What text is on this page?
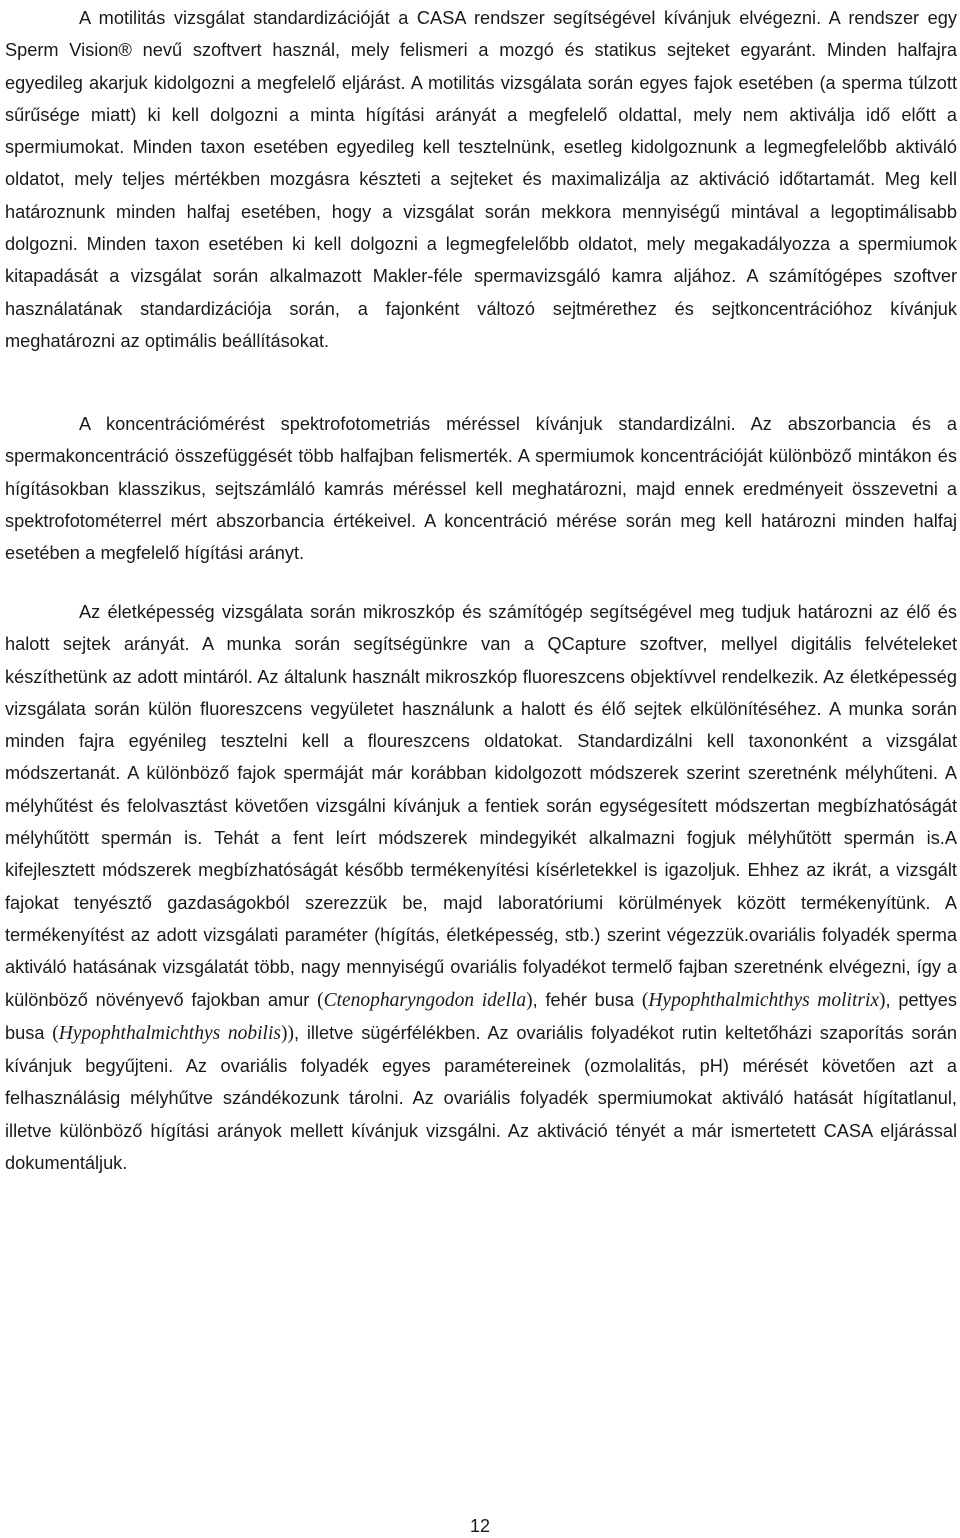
A motilitás vizsgálat standardizációját a CASA rendszer segítségével kívánjuk elvégezni. A rendszer egy Sperm Vision® nevű szoftvert használ, mely felismeri a mozgó és statikus sejteket egyaránt. Minden halfajra egyedileg akarjuk kidolgozni a megfelelő eljárást. A motilitás vizsgálata során egyes fajok esetében (a sperma túlzott sűrűsége miatt) ki kell dolgozni a minta hígítási arányát a megfelelő oldattal, mely nem aktiválja idő előtt a spermiumokat. Minden taxon esetében egyedileg kell tesztelnünk, esetleg kidolgoznunk a legmegfelelőbb aktiváló oldatot, mely teljes mértékben mozgásra készteti a sejteket és maximalizálja az aktiváció időtartamát. Meg kell határoznunk minden halfaj esetében, hogy a vizsgálat során mekkora mennyiségű mintával a legoptimálisabb dolgozni. Minden taxon esetében ki kell dolgozni a legmegfelelőbb oldatot, mely megakadályozza a spermiumok kitapadását a vizsgálat során alkalmazott Makler-féle spermavizsgáló kamra aljához. A számítógépes szoftver használatának standardizációja során, a fajonként változó sejtmérethez és sejtkoncentrációhoz kívánjuk meghatározni az optimális beállításokat.

A koncentrációmérést spektrofotometriás méréssel kívánjuk standardizálni. Az abszorbancia és a spermakoncentráció összefüggését több halfajban felismerték. A spermiumok koncentrációját különböző mintákon és hígításokban klasszikus, sejtszámláló kamrás méréssel kell meghatározni, majd ennek eredményeit összevetni a spektrofotométerrel mért abszorbancia értékeivel. A koncentráció mérése során meg kell határozni minden halfaj esetében a megfelelő hígítási arányt.

Az életképesség vizsgálata során mikroszkóp és számítógép segítségével meg tudjuk határozni az élő és halott sejtek arányát. A munka során segítségünkre van a QCapture szoftver, mellyel digitális felvételeket készíthetünk az adott mintáról. Az általunk használt mikroszkóp fluoreszcens objektívvel rendelkezik. Az életképesség vizsgálata során külön fluoreszcens vegyületet használunk a halott és élő sejtek elkülönítéséhez. A munka során minden fajra egyénileg tesztelni kell a floureszcens oldatokat. Standardizálni kell taxononként a vizsgálat módszertanát. A különböző fajok spermáját már korábban kidolgozott módszerek szerint szeretnénk mélyhűteni. A mélyhűtést és felolvasztást követően vizsgálni kívánjuk a fentiek során egységesített módszertan megbízhatóságát mélyhűtött spermán is. Tehát a fent leírt módszerek mindegyikét alkalmazni fogjuk mélyhűtött spermán is.A kifejlesztett módszerek megbízhatóságát később termékenyítési kísérletekkel is igazoljuk. Ehhez az ikrát, a vizsgált fajokat tenyésztő gazdaságokból szerezzük be, majd laboratóriumi körülmények között termékenyítünk. A termékenyítést az adott vizsgálati paraméter (hígítás, életképesség, stb.) szerint végezzük.ovariális folyadék sperma aktiváló hatásának vizsgálatát több, nagy mennyiségű ovariális folyadékot termelő fajban szeretnénk elvégezni, így a különböző növényevő fajokban amur (Ctenopharyngodon idella), fehér busa (Hypophthalmichthys molitrix), pettyes busa (Hypophthalmichthys nobilis)), illetve sügérfélékben. Az ovariális folyadékot rutin keltetőházi szaporítás során kívánjuk begyűjteni. Az ovariális folyadék egyes paramétereinek (ozmolalitás, pH) mérését követően azt a felhasználásig mélyhűtve szándékozunk tárolni. Az ovariális folyadék spermiumokat aktiváló hatását hígítatlanul, illetve különböző hígítási arányok mellett kívánjuk vizsgálni. Az aktiváció tényét a már ismertetett CASA eljárással dokumentáljuk.

12
